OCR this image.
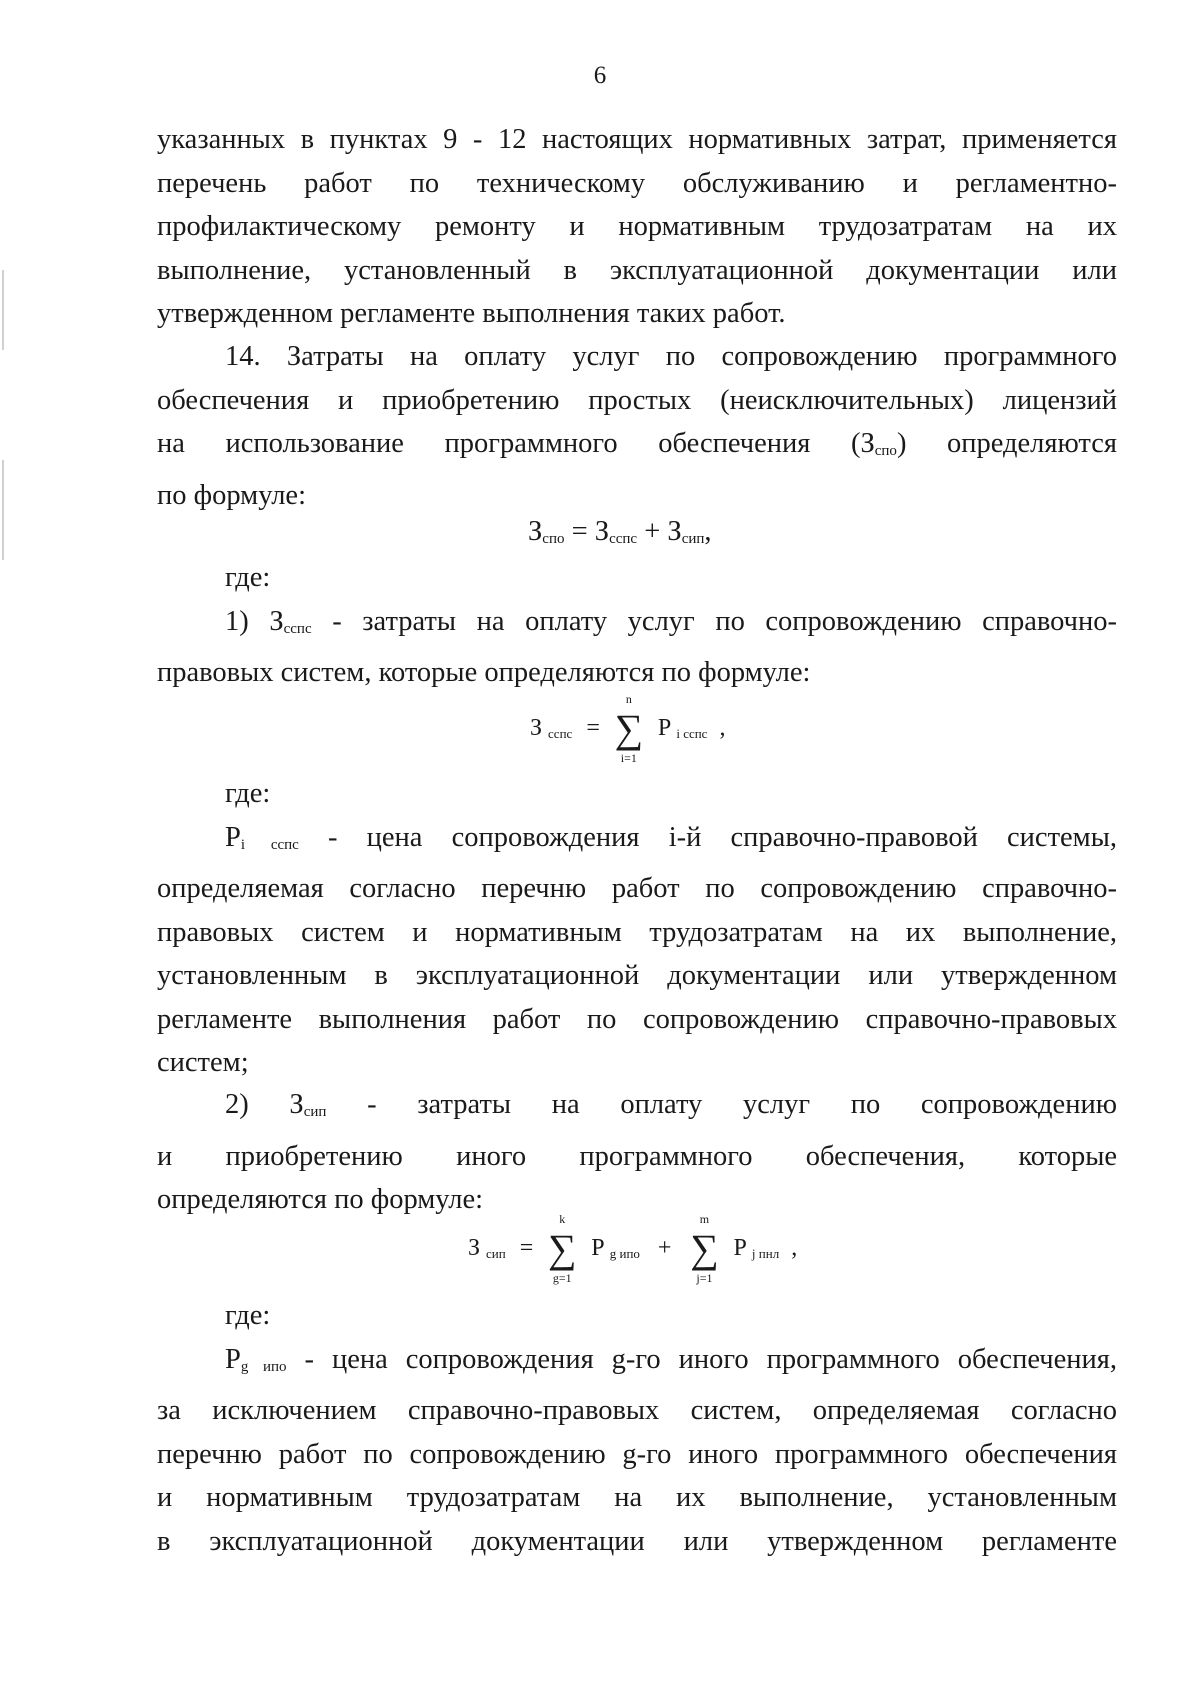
6
указанных в пунктах 9 - 12 настоящих нормативных затрат, применяется
перечень работ по техническому обслуживанию и регламентно-
профилактическому ремонту и нормативным трудозатратам на их
выполнение, установленный в эксплуатационной документации или
утвержденном регламенте выполнения таких работ.
14. Затраты на оплату услуг по сопровождению программного
обеспечения и приобретению простых (неисключительных) лицензий
на использование программного обеспечения $(З_{спо})$ определяются
по формуле:
$З_{спо} = З_{сспс} + З_{сип}$,
где:
1) $З_{сспс}$ - затраты на оплату услуг по сопровождению справочно-
правовых систем, которые определяются по формуле:
З сспс =
n
∑
i=1
P i сспс ,
где:
$P_{i сспс}$ - цена сопровождения i-й справочно-правовой системы,
определяемая согласно перечню работ по сопровождению справочно-
правовых систем и нормативным трудозатратам на их выполнение,
установленным в эксплуатационной документации или утвержденном
регламенте выполнения работ по сопровождению справочно-правовых
систем;
2) $З_{сип}$ - затраты на оплату услуг по сопровождению
и приобретению иного программного обеспечения, которые
определяются по формуле:
З сип =
k
∑
g=1
P g ипо +
m
∑
j=1
P j пнл ,
где:
$P_{g ипо}$ - цена сопровождения g-го иного программного обеспечения,
за исключением справочно-правовых систем, определяемая согласно
перечню работ по сопровождению g-го иного программного обеспечения
и нормативным трудозатратам на их выполнение, установленным
в эксплуатационной документации или утвержденном регламенте
